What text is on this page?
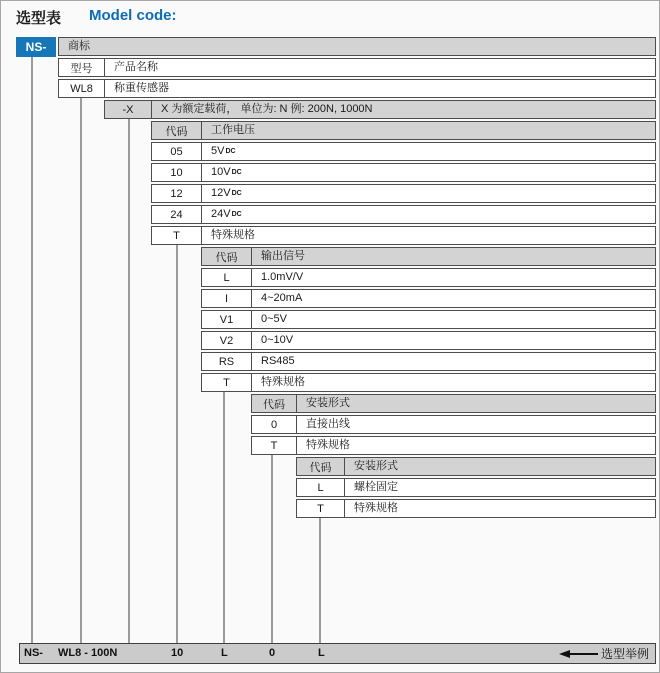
选型表 Model code:
NS-	商标
型号	产品名称
WL8	称重传感器
-X	X 为额定载荷， 单位为: N 例: 200N, 1000N
代码	工作电压
05	5V DC
10	10V DC
12	12V DC
24	24V DC
T	特殊规格
代码	输出信号
L	1.0mV/V
I	4~20mA
V1	0~5V
V2	0~10V
RS	RS485
T	特殊规格
代码	安装形式
0	直接出线
T	特殊规格
代码	安装形式
L	螺栓固定
T	特殊规格
NS- WL8 - 100N	10	L	0	L	选型举例
